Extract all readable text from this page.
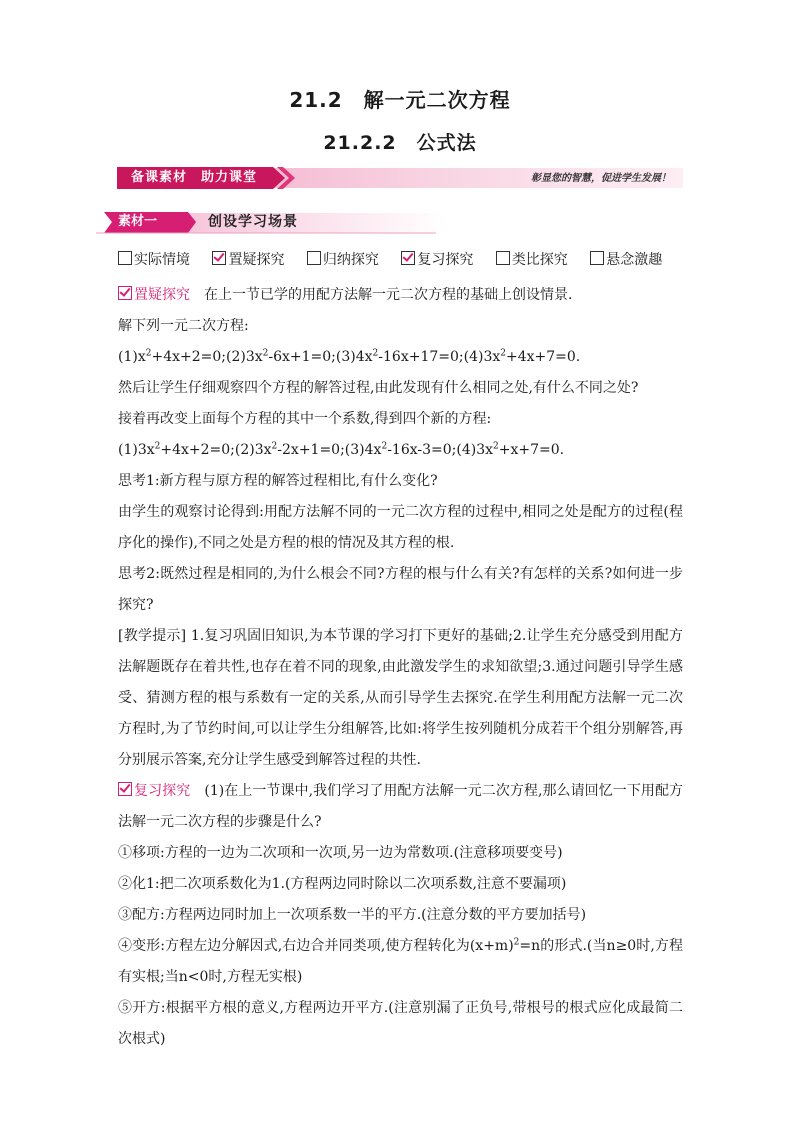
21.2　解一元二次方程
21.2.2　公式法
备课素材　助力课堂	彰显您的智慧，促进学生发展！
素材一	创设学习场景
实际情境	置疑探究	归纳探究	复习探究	类比探究	悬念激趣

置疑探究　在上一节已学的用配方法解一元二次方程的基础上创设情景.

解下列一元二次方程:

$(1)x^2+4x+2=0;(2)3x^2-6x+1=0;(3)4x^2-16x+17=0;(4)3x^2+4x+7=0$.

然后让学生仔细观察四个方程的解答过程,由此发现有什么相同之处,有什么不同之处?

接着再改变上面每个方程的其中一个系数,得到四个新的方程:

$(1)3x^2+4x+2=0;(2)3x^2-2x+1=0;(3)4x^2-16x-3=0;(4)3x^2+x+7=0$.

思考1:新方程与原方程的解答过程相比,有什么变化?

由学生的观察讨论得到:用配方法解不同的一元二次方程的过程中,相同之处是配方的过程(程序化的操作),不同之处是方程的根的情况及其方程的根.

思考2:既然过程是相同的,为什么根会不同?方程的根与什么有关?有怎样的关系?如何进一步探究?

[教学提示] 1.复习巩固旧知识,为本节课的学习打下更好的基础;2.让学生充分感受到用配方法解题既存在着共性,也存在着不同的现象,由此激发学生的求知欲望;3.通过问题引导学生感受、猜测方程的根与系数有一定的关系,从而引导学生去探究.在学生利用配方法解一元二次方程时,为了节约时间,可以让学生分组解答,比如:将学生按列随机分成若干个组分别解答,再分别展示答案,充分让学生感受到解答过程的共性.

复习探究　(1)在上一节课中,我们学习了用配方法解一元二次方程,那么请回忆一下用配方法解一元二次方程的步骤是什么?

①移项:方程的一边为二次项和一次项,另一边为常数项.(注意移项要变号)

②化1:把二次项系数化为1.(方程两边同时除以二次项系数,注意不要漏项)

③配方:方程两边同时加上一次项系数一半的平方.(注意分数的平方要加括号)

④变形:方程左边分解因式,右边合并同类项,使方程转化为$(x+m)^2=n$的形式.(当n≥0时,方程有实根;当n<0时,方程无实根)

⑤开方:根据平方根的意义,方程两边开平方.(注意别漏了正负号,带根号的根式应化成最简二次根式)
